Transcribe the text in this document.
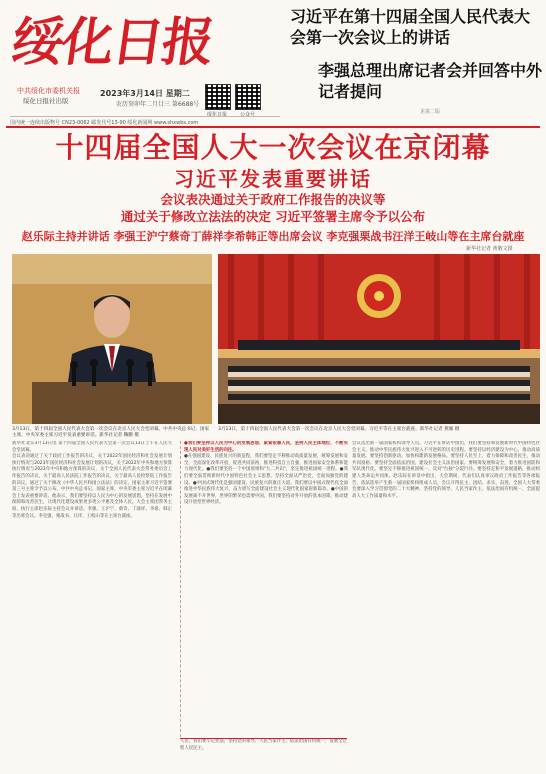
绥化日报
中共绥化市委机关报
绥化日报社出版
2023年3月14日 星期二
农历癸卯年二月廿三 第6688号
绥化日报	公众号
国内统一连续出版物号 CN23-0062 邮发代号13-90 绥化新闻网 www.shxwbs.com
习近平在第十四届全国人民代表大会第一次会议上的讲话
李强总理出席记者会并回答中外记者提问
见第二版
十四届全国人大一次会议在京闭幕
习近平发表重要讲话
会议表决通过关于政府工作报告的决议等
通过关于修改立法法的决定 习近平签署主席令予以公布
赵乐际主持并讲话 李强王沪宁蔡奇丁薛祥李希韩正等出席会议 李克强栗战书汪洋王岐山等在主席台就座
新华社记者 黄敬文摄
3月13日，第十四届全国人民代表大会第一次会议在北京人民大会堂闭幕。中共中央总书记、国家主席、中央军委主席习近平发表重要讲话。新华社记者 鞠鹏 摄
3月13日，第十四届全国人民代表大会第一次会议在北京人民大会堂闭幕。习近平等在主席台就座。新华社记者 燕雁 摄
新华社北京3月13日电 第十四届全国人民代表大会第一次会议13日上午在人民大会堂闭幕。
会议表决通过了关于政府工作报告的决议，关于2022年国民经济和社会发展计划执行情况与2023年国民经济和社会发展计划的决议，关于2022年中央和地方预算执行情况与2023年中央和地方预算的决议，关于全国人民代表大会常务委员会工作报告的决议，关于最高人民法院工作报告的决议，关于最高人民检察院工作报告的决议，通过了关于修改《中华人民共和国立法法》的决定。国家主席习近平签署第三号主席令予以公布。中共中央总书记、国家主席、中央军委主席习近平在闭幕会上发表重要讲话。他表示，我们要坚持以人民为中心的发展思想，坚持在发展中保障和改善民生，让现代化建设成果更多更公平惠及全体人民。大会主席团常务主席、执行主席赵乐际主持会议并讲话。李强、王沪宁、蔡奇、丁薛祥、李希、韩正等出席会议。李克强、栗战书、汪洋、王岐山等在主席台就座。
●我们要坚持以人民为中心的发展思想，紧紧依靠人民，坚持人民主体地位，不断实现人民对美好生活的向往。
●在强国建设、民族复兴的新征程，我们要坚定不移推动高质量发展，统筹发展和安全，全面深化改革开放，促进共同富裕，推进科技自立自强，推进国家安全体系和能力现代化。●我们要坚持一个中国原则和"九二共识"，坚定推进祖国统一进程。●我们要全面贯彻新时代中国特色社会主义思想，坚持全面从严治党，全面加强党的建设。●中国式现代化是强国建设、民族复兴的康庄大道。我们要以中国式现代化全面推进中华民族伟大复兴，奋力谱写全面建设社会主义现代化国家崭新篇章。●中国的发展离不开世界，世界的繁荣也需要中国。我们要坚持对外开放的基本国策，推动建设开放型世界经济。
人民，我们要牢记宪法，坚持党的领导、人民当家作主、依法治国有机统一，发展全过程人民民主。
会议选出新一届国家机构领导人员。习近平在讲话中指出，我们要坚持和发展新时代中国特色社会主义，推动中华民族伟大复兴进入不可逆转的历史进程。要坚持以经济建设为中心，推动高质量发展。要坚持创新驱动，加快构建新发展格局。要坚持人民至上，着力保障和改善民生，推动共同富裕。要坚持全面依法治国，建设社会主义法治国家。要统筹发展和安全，着力推进国防和军队现代化。要坚定不移推进祖国统一，反对"台独"分裂行径。要坚持走和平发展道路，推动构建人类命运共同体。赵乐际在讲话中指出，大会期间，代表们认真审议政府工作报告等各项报告，依法选举产生新一届国家机构组成人员，会议开得民主、团结、求实、奋进。全国人大常委会要深入学习贯彻党的二十大精神，坚持党的领导、人民当家作主、依法治国有机统一，全面提高人大工作质量和水平。
